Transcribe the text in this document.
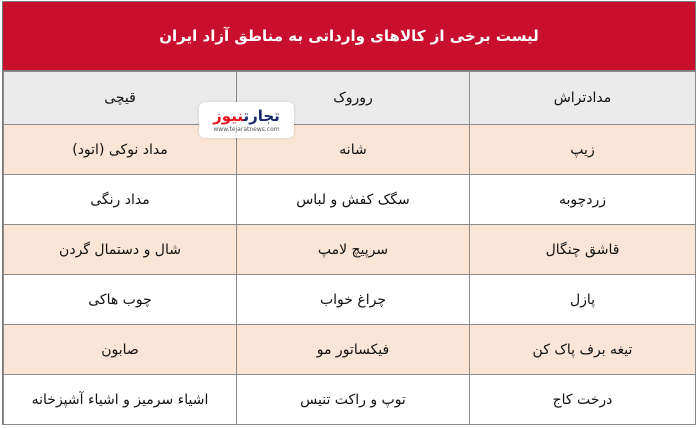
لیست برخی از کالاهای وارداتی به مناطق آزاد ایران
مدادتراش	روروک	قیچی
زیپ	شانه	مداد نوکی (اتود)
زردچوبه	سگک کفش و لباس	مداد رنگی
قاشق چنگال	سرپیچ لامپ	شال و دستمال گردن
پازل	چراغ خواب	چوب هاکی
تیغه برف پاک کن	فیکساتور مو	صابون
درخت کاج	توپ و راکت تنیس	اشیاء سرمیز و اشیاء آشپزخانه
تجارتنیوز
www.tejaratnews.com
